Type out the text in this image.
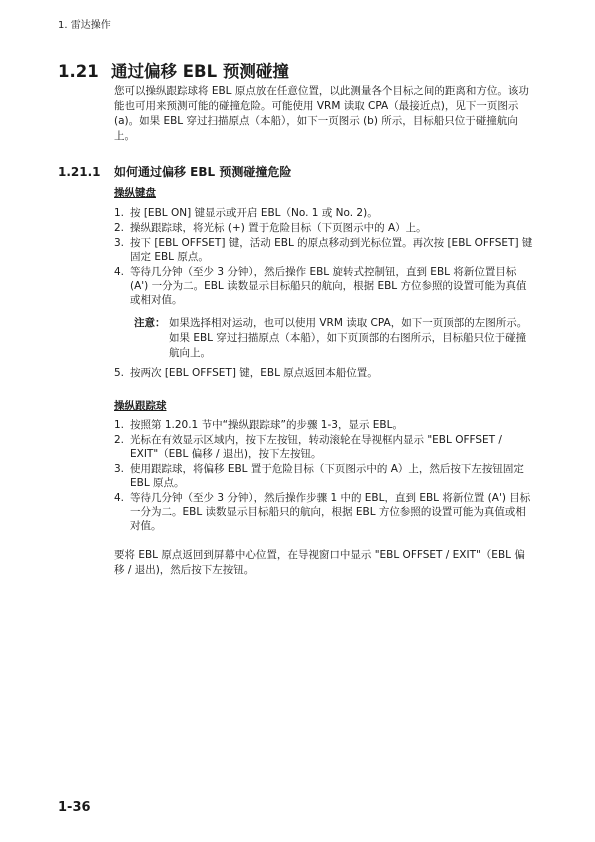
1. 雷达操作
1.21 通过偏移 EBL 预测碰撞
您可以操纵跟踪球将 EBL 原点放在任意位置，以此测量各个目标之间的距离和方位。该功能也可用来预测可能的碰撞危险。可能使用 VRM 读取 CPA（最接近点)，见下一页图示 (a)。如果 EBL 穿过扫描原点（本船），如下一页图示 (b) 所示，目标船只位于碰撞航向上。
1.21.1 如何通过偏移 EBL 预测碰撞危险
操纵键盘
1. 按 [EBL ON] 键显示或开启 EBL（No. 1 或 No. 2)。
2. 操纵跟踪球，将光标 (+) 置于危险目标（下页图示中的 A）上。
3. 按下 [EBL OFFSET] 键，活动 EBL 的原点移动到光标位置。再次按 [EBL OFFSET] 键固定 EBL 原点。
4. 等待几分钟（至少 3 分钟），然后操作 EBL 旋转式控制钮，直到 EBL 将新位置目标 (A') 一分为二。EBL 读数显示目标船只的航向，根据 EBL 方位参照的设置可能为真值或相对值。
注意： 如果选择相对运动，也可以使用 VRM 读取 CPA，如下一页顶部的左图所示。如果 EBL 穿过扫描原点（本船），如下页顶部的右图所示，目标船只位于碰撞航向上。
5. 按两次 [EBL OFFSET] 键，EBL 原点返回本船位置。
操纵跟踪球
1. 按照第 1.20.1 节中“操纵跟踪球”的步骤 1-3，显示 EBL。
2. 光标在有效显示区域内，按下左按钮，转动滚轮在导视框内显示 "EBL OFFSET / EXIT"（EBL 偏移 / 退出)，按下左按钮。
3. 使用跟踪球，将偏移 EBL 置于危险目标（下页图示中的 A）上，然后按下左按钮固定 EBL 原点。
4. 等待几分钟（至少 3 分钟），然后操作步骤 1 中的 EBL，直到 EBL 将新位置 (A') 目标一分为二。EBL 读数显示目标船只的航向，根据 EBL 方位参照的设置可能为真值或相对值。
要将 EBL 原点返回到屏幕中心位置，在导视窗口中显示 "EBL OFFSET / EXIT"（EBL 偏移 / 退出)，然后按下左按钮。
1-36
